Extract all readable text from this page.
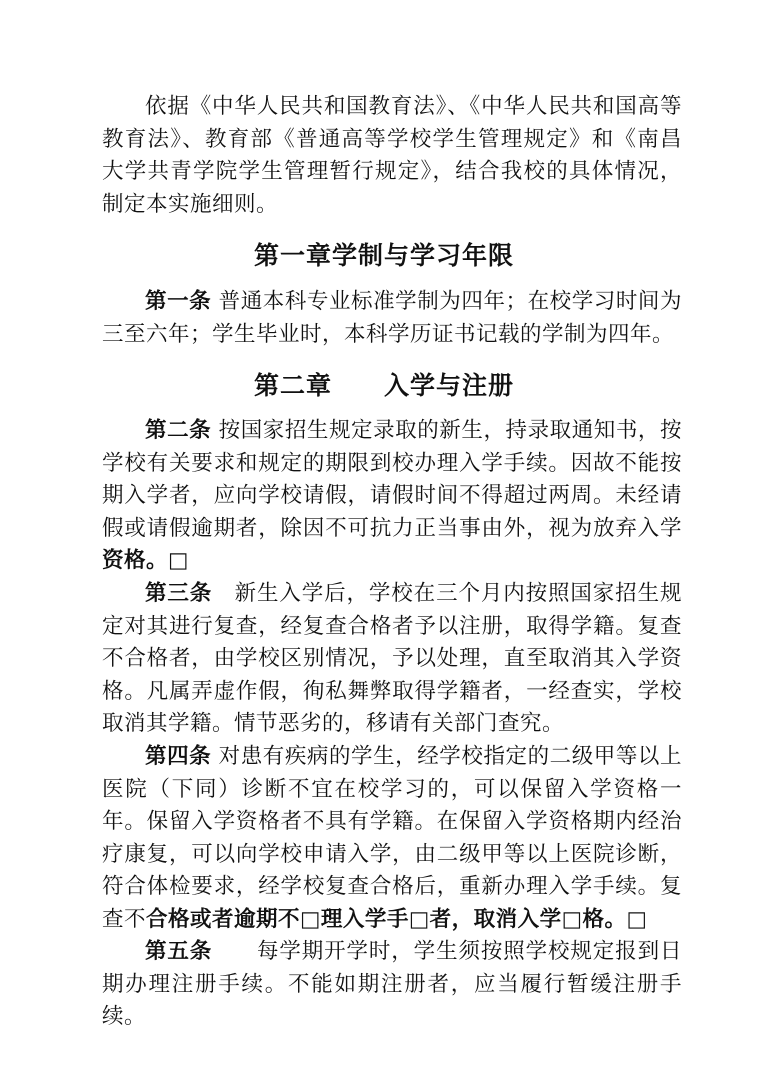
依据《中华人民共和国教育法》、《中华人民共和国高等教育法》、教育部《普通高等学校学生管理规定》和《南昌大学共青学院学生管理暂行规定》，结合我校的具体情况，制定本实施细则。

第一章学制与学习年限

第一条 普通本科专业标准学制为四年；在校学习时间为三至六年；学生毕业时，本科学历证书记载的学制为四年。

第二章　　入学与注册

第二条 按国家招生规定录取的新生，持录取通知书，按学校有关要求和规定的期限到校办理入学手续。因故不能按期入学者，应向学校请假，请假时间不得超过两周。未经请假或请假逾期者，除因不可抗力正当事由外，视为放弃入学资格。□

第三条　 新生入学后，学校在三个月内按照国家招生规定对其进行复查，经复查合格者予以注册，取得学籍。复查不合格者，由学校区别情况，予以处理，直至取消其入学资格。凡属弄虚作假，徇私舞弊取得学籍者，一经查实，学校取消其学籍。情节恶劣的，移请有关部门查究。

第四条 对患有疾病的学生，经学校指定的二级甲等以上医院（下同）诊断不宜在校学习的，可以保留入学资格一年。保留入学资格者不具有学籍。在保留入学资格期内经治疗康复，可以向学校申请入学，由二级甲等以上医院诊断，符合体检要求，经学校复查合格后，重新办理入学手续。复查不合格或者逾期不□理入学手□者，取消入学□格。□

第五条　　 每学期开学时，学生须按照学校规定报到日期办理注册手续。不能如期注册者，应当履行暂缓注册手续。
